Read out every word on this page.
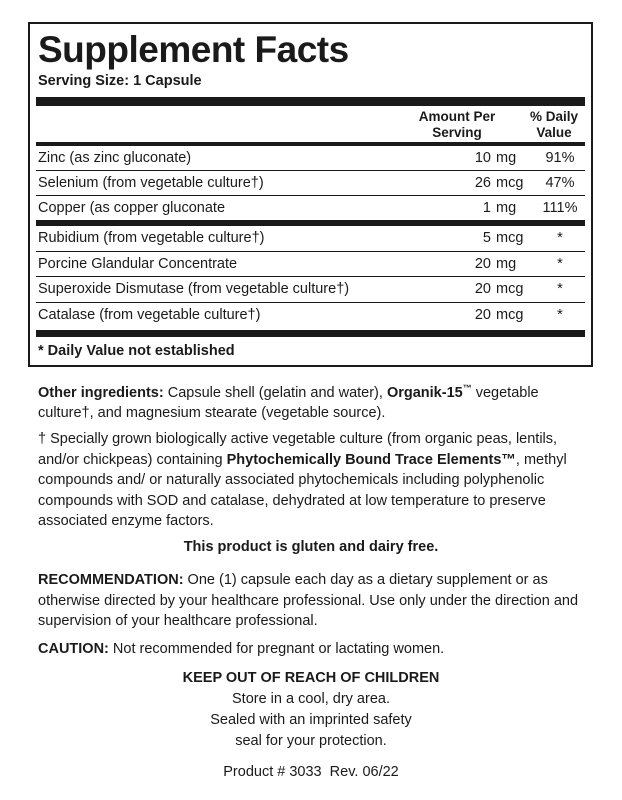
Supplement Facts
Serving Size: 1 Capsule
Amount Per
Serving
% Daily
Value
Zinc (as zinc gluconate)	10 mg	91%
Selenium (from vegetable culture†)	26 mcg	47%
Copper (as copper gluconate	1 mg	111%
Rubidium (from vegetable culture†)	5 mcg	*
Porcine Glandular Concentrate	20 mg	*
Superoxide Dismutase (from vegetable culture†)	20 mcg	*
Catalase (from vegetable culture†)	20 mcg	*
* Daily Value not established
Other ingredients: Capsule shell (gelatin and water), Organik-15™ vegetable culture†, and magnesium stearate (vegetable source).
† Specially grown biologically active vegetable culture (from organic peas, lentils, and/or chickpeas) containing Phytochemically Bound Trace Elements™, methyl compounds and/ or naturally associated phytochemicals including polyphenolic compounds with SOD and catalase, dehydrated at low temperature to preserve associated enzyme factors.
This product is gluten and dairy free.
RECOMMENDATION: One (1) capsule each day as a dietary supplement or as otherwise directed by your healthcare professional. Use only under the direction and supervision of your healthcare professional.
CAUTION: Not recommended for pregnant or lactating women.
KEEP OUT OF REACH OF CHILDREN
Store in a cool, dry area.
Sealed with an imprinted safety
seal for your protection.
Product # 3033  Rev. 06/22
